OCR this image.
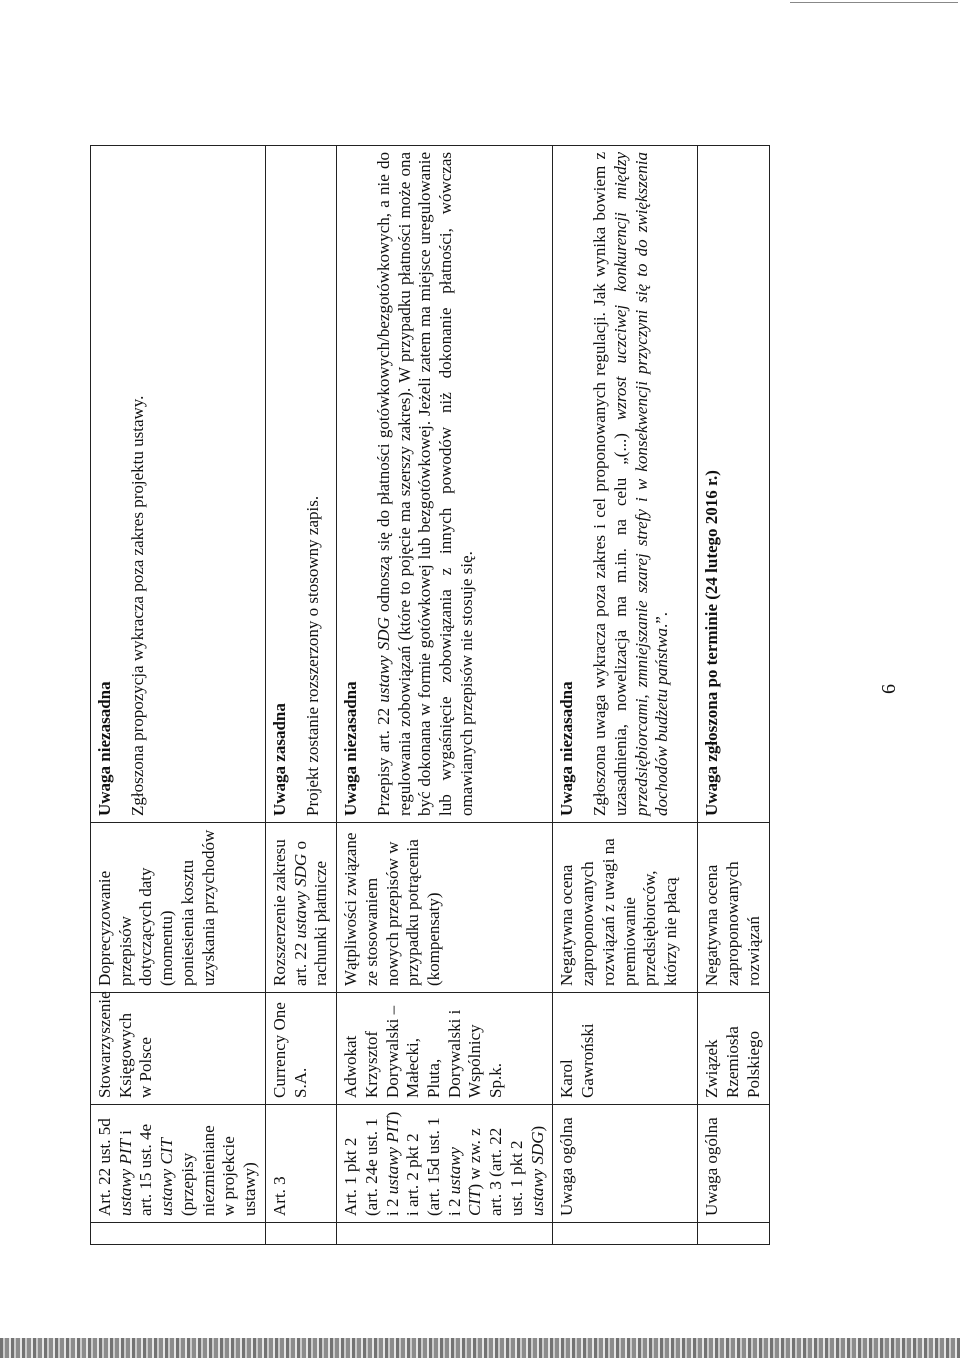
	Art. 22 ust. 5d ustawy PIT i art. 15 ust. 4e ustawy CIT (przepisy niezmieniane w projekcie ustawy)	Stowarzyszenie Księgowych w Polsce	Doprecyzowanie przepisów dotyczących daty (momentu) poniesienia kosztu uzyskania przychodów	Uwaga niezasadna Zgłoszona propozycja wykracza poza zakres projektu ustawy.
	Art. 3	Currency One S.A.	Rozszerzenie zakresu art. 22 ustawy SDG o rachunki płatnicze	Uwaga zasadna Projekt zostanie rozszerzony o stosowny zapis.
	Art. 1 pkt 2 (art. 24e ust. 1 i 2 ustawy PIT) i art. 2 pkt 2 (art. 15d ust. 1 i 2 ustawy CIT) w zw. z art. 3 (art. 22 ust. 1 pkt 2 ustawy SDG)	Adwokat Krzysztof Dorywalski – Małecki, Pluta, Dorywalski i Wspólnicy Sp.k.	Wątpliwości związane ze stosowaniem nowych przepisów w przypadku potrącenia (kompensaty)	Uwaga niezasadna Przepisy art. 22 ustawy SDG odnoszą się do płatności gotówkowych/bezgotówkowych, a nie do regulowania zobowiązań (które to pojęcie ma szerszy zakres). W przypadku płatności może ona być dokonana w formie gotówkowej lub bezgotówkowej. Jeżeli zatem ma miejsce uregulowanie lub wygaśnięcie zobowiązania z innych powodów niż dokonanie płatności, wówczas omawianych przepisów nie stosuje się.
	Uwaga ogólna	Karol Gawroński	Negatywna ocena zaproponowanych rozwiązań z uwagi na premiowanie przedsiębiorców, którzy nie płacą	Uwaga niezasadna Zgłoszona uwaga wykracza poza zakres i cel proponowanych regulacji. Jak wynika bowiem z uzasadnienia, nowelizacja ma m.in. na celu „(...) wzrost uczciwej konkurencji między przedsiębiorcami, zmniejszanie szarej strefy i w konsekwencji przyczyni się to do zwiększenia dochodów budżetu państwa.”.
	Uwaga ogólna	Związek Rzemiosła Polskiego	Negatywna ocena zaproponowanych rozwiązań	Uwaga zgłoszona po terminie (24 lutego 2016 r.)	6
